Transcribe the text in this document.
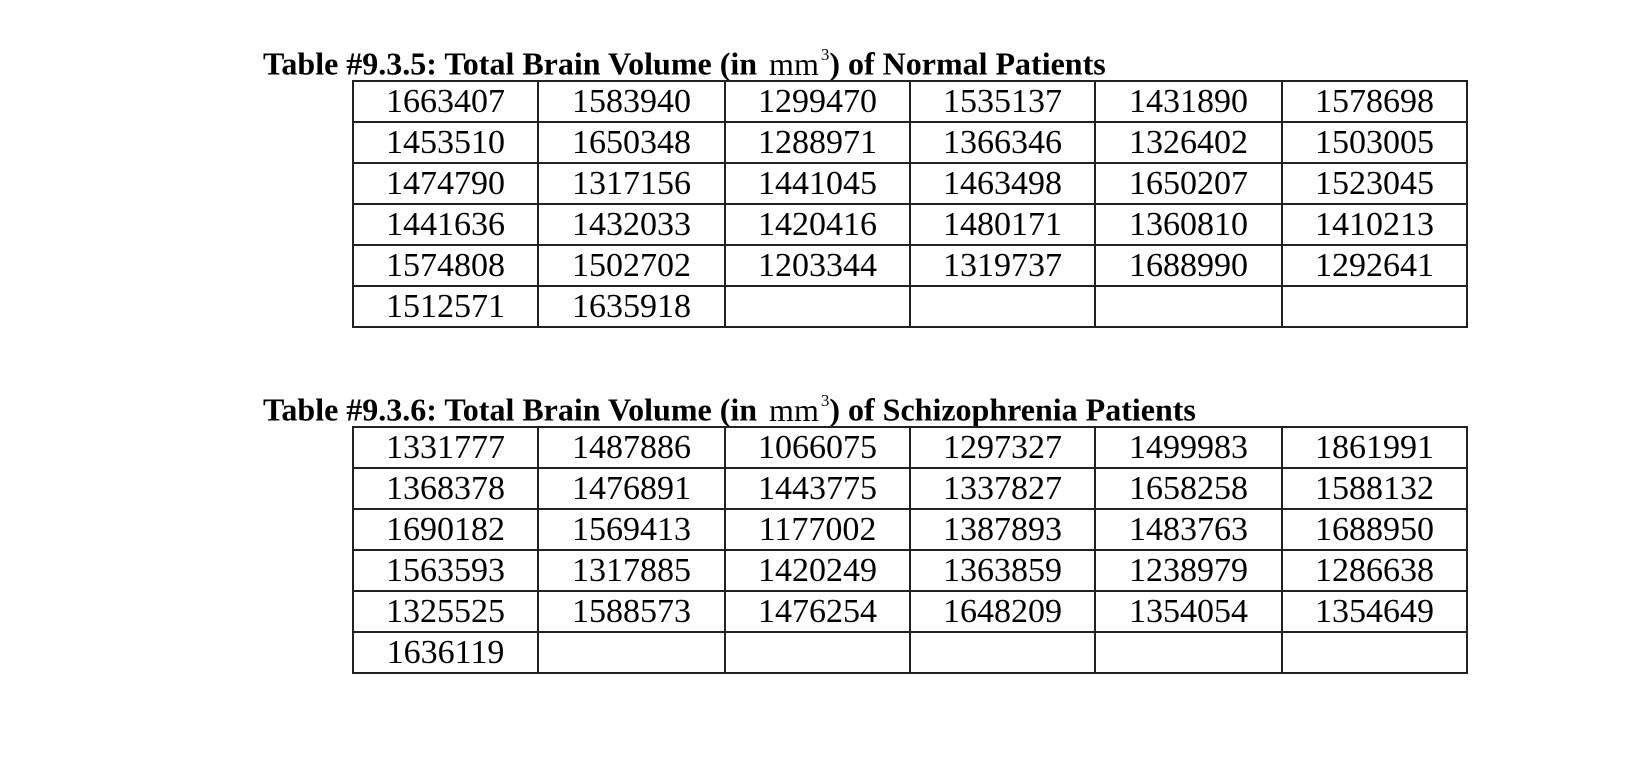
Table #9.3.5: Total Brain Volume (in mm $^3$) of Normal Patients
1663407	1583940	1299470	1535137	1431890	1578698
1453510	1650348	1288971	1366346	1326402	1503005
1474790	1317156	1441045	1463498	1650207	1523045
1441636	1432033	1420416	1480171	1360810	1410213
1574808	1502702	1203344	1319737	1688990	1292641
1512571	1635918				
Table #9.3.6: Total Brain Volume (in mm $^3$) of Schizophrenia Patients
1331777	1487886	1066075	1297327	1499983	1861991
1368378	1476891	1443775	1337827	1658258	1588132
1690182	1569413	1177002	1387893	1483763	1688950
1563593	1317885	1420249	1363859	1238979	1286638
1325525	1588573	1476254	1648209	1354054	1354649
1636119					
